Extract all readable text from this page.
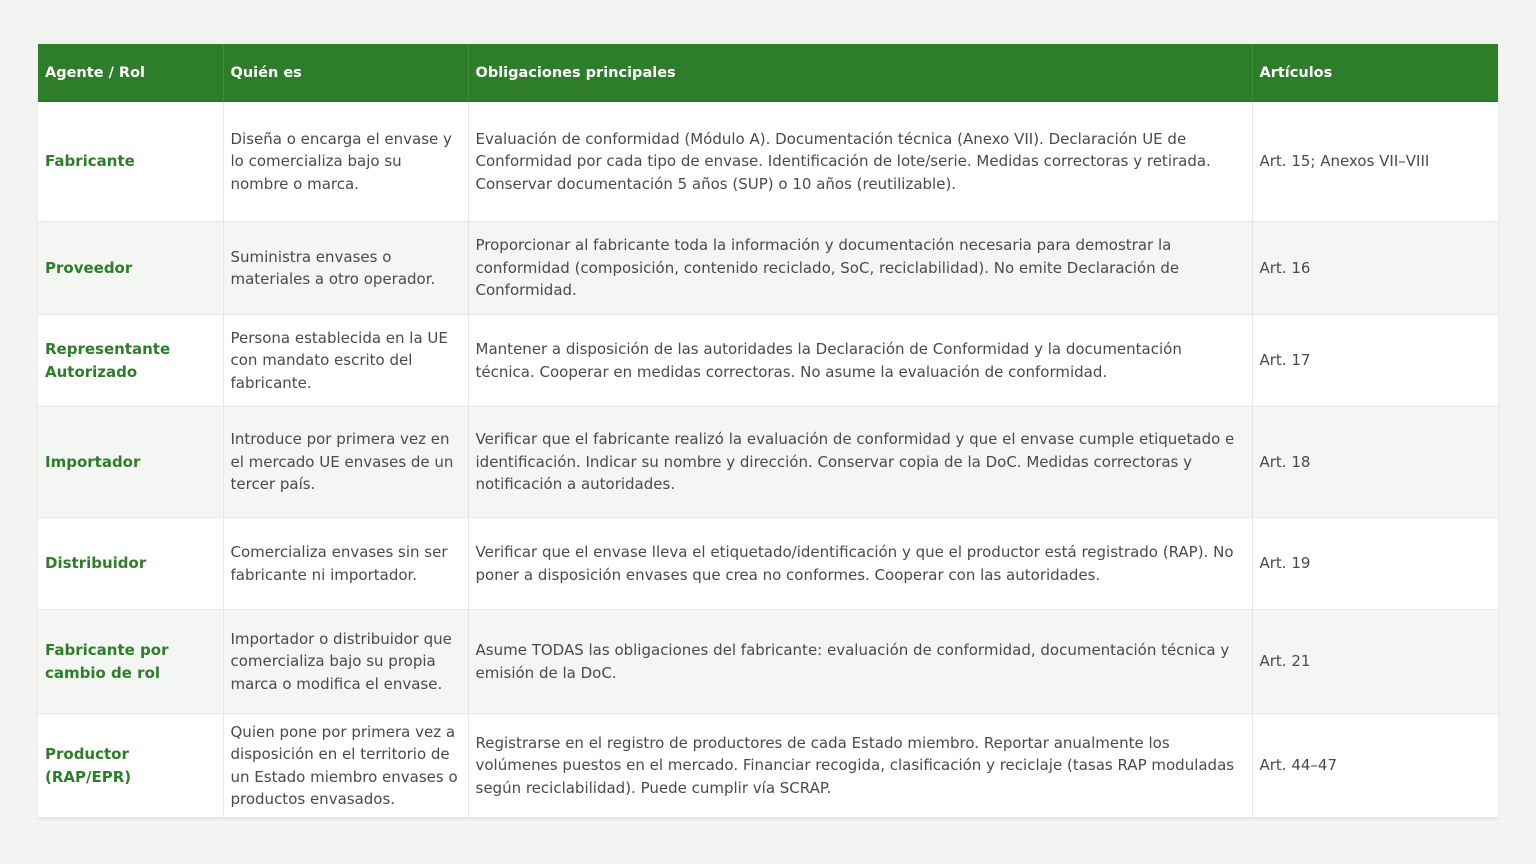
Agente / Rol	Quién es	Obligaciones principales	Artículos
Fabricante	Diseña o encarga el envase y lo comercializa bajo su nombre o marca.	Evaluación de conformidad (Módulo A). Documentación técnica (Anexo VII). Declaración UE de Conformidad por cada tipo de envase. Identificación de lote/serie. Medidas correctoras y retirada. Conservar documentación 5 años (SUP) o 10 años (reutilizable).	Art. 15; Anexos VII–VIII
Proveedor	Suministra envases o materiales a otro operador.	Proporcionar al fabricante toda la información y documentación necesaria para demostrar la conformidad (composición, contenido reciclado, SoC, reciclabilidad). No emite Declaración de Conformidad.	Art. 16
Representante Autorizado	Persona establecida en la UE con mandato escrito del fabricante.	Mantener a disposición de las autoridades la Declaración de Conformidad y la documentación técnica. Cooperar en medidas correctoras. No asume la evaluación de conformidad.	Art. 17
Importador	Introduce por primera vez en el mercado UE envases de un tercer país.	Verificar que el fabricante realizó la evaluación de conformidad y que el envase cumple etiquetado e identificación. Indicar su nombre y dirección. Conservar copia de la DoC. Medidas correctoras y notificación a autoridades.	Art. 18
Distribuidor	Comercializa envases sin ser fabricante ni importador.	Verificar que el envase lleva el etiquetado/identificación y que el productor está registrado (RAP). No poner a disposición envases que crea no conformes. Cooperar con las autoridades.	Art. 19
Fabricante por cambio de rol	Importador o distribuidor que comercializa bajo su propia marca o modifica el envase.	Asume TODAS las obligaciones del fabricante: evaluación de conformidad, documentación técnica y emisión de la DoC.	Art. 21
Productor (RAP/EPR)	Quien pone por primera vez a disposición en el territorio de un Estado miembro envases o productos envasados.	Registrarse en el registro de productores de cada Estado miembro. Reportar anualmente los volúmenes puestos en el mercado. Financiar recogida, clasificación y reciclaje (tasas RAP moduladas según reciclabilidad). Puede cumplir vía SCRAP.	Art. 44–47
